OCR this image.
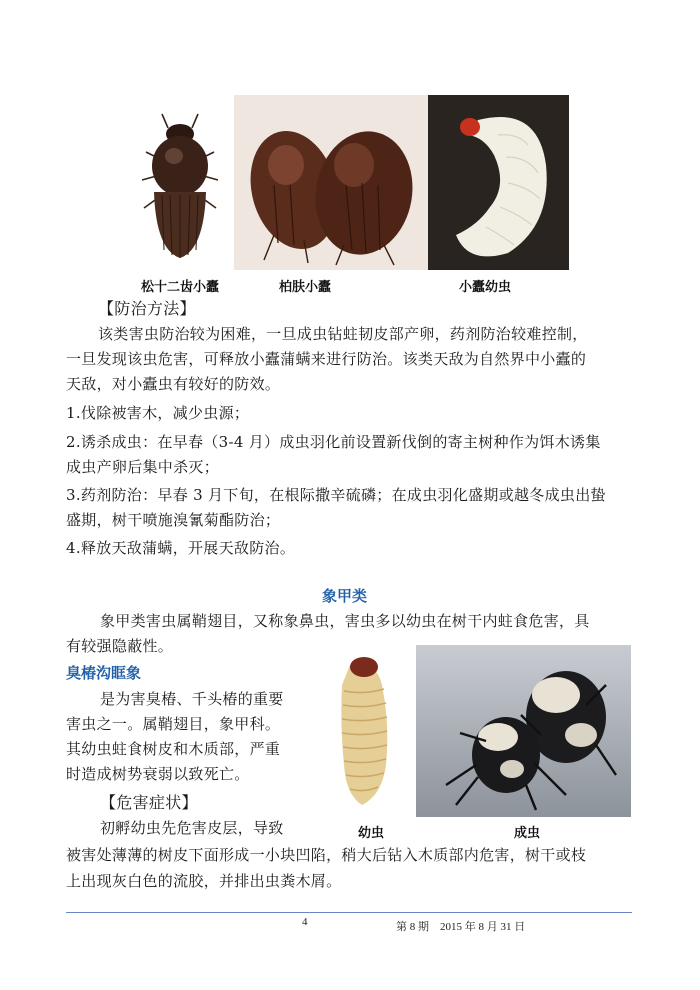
松十二齿小蠹	柏肤小蠹	小蠹幼虫
【防治方法】
该类害虫防治较为困难，一旦成虫钻蛀韧皮部产卵，药剂防治较难控制，
一旦发现该虫危害，可释放小蠹蒲螨来进行防治。该类天敌为自然界中小蠹的
天敌，对小蠹虫有较好的防效。
1.伐除被害木，减少虫源；
2.诱杀成虫：在早春（3-4 月）成虫羽化前设置新伐倒的寄主树种作为饵木诱集
成虫产卵后集中杀灭；
3.药剂防治：早春 3 月下旬，在根际撒辛硫磷；在成虫羽化盛期或越冬成虫出蛰
盛期，树干喷施溴氰菊酯防治；
4.释放天敌蒲螨，开展天敌防治。
象甲类
象甲类害虫属鞘翅目，又称象鼻虫，害虫多以幼虫在树干内蛀食危害，具
有较强隐蔽性。
臭椿沟眶象
是为害臭椿、千头椿的重要
害虫之一。属鞘翅目，象甲科。
其幼虫蛀食树皮和木质部，严重
时造成树势衰弱以致死亡。
【危害症状】
初孵幼虫先危害皮层，导致
被害处薄薄的树皮下面形成一小块凹陷，稍大后钻入木质部内危害，树干或枝
上出现灰白色的流胶，并排出虫粪木屑。
幼虫	成虫
4	第 8 期　2015 年 8 月 31 日
